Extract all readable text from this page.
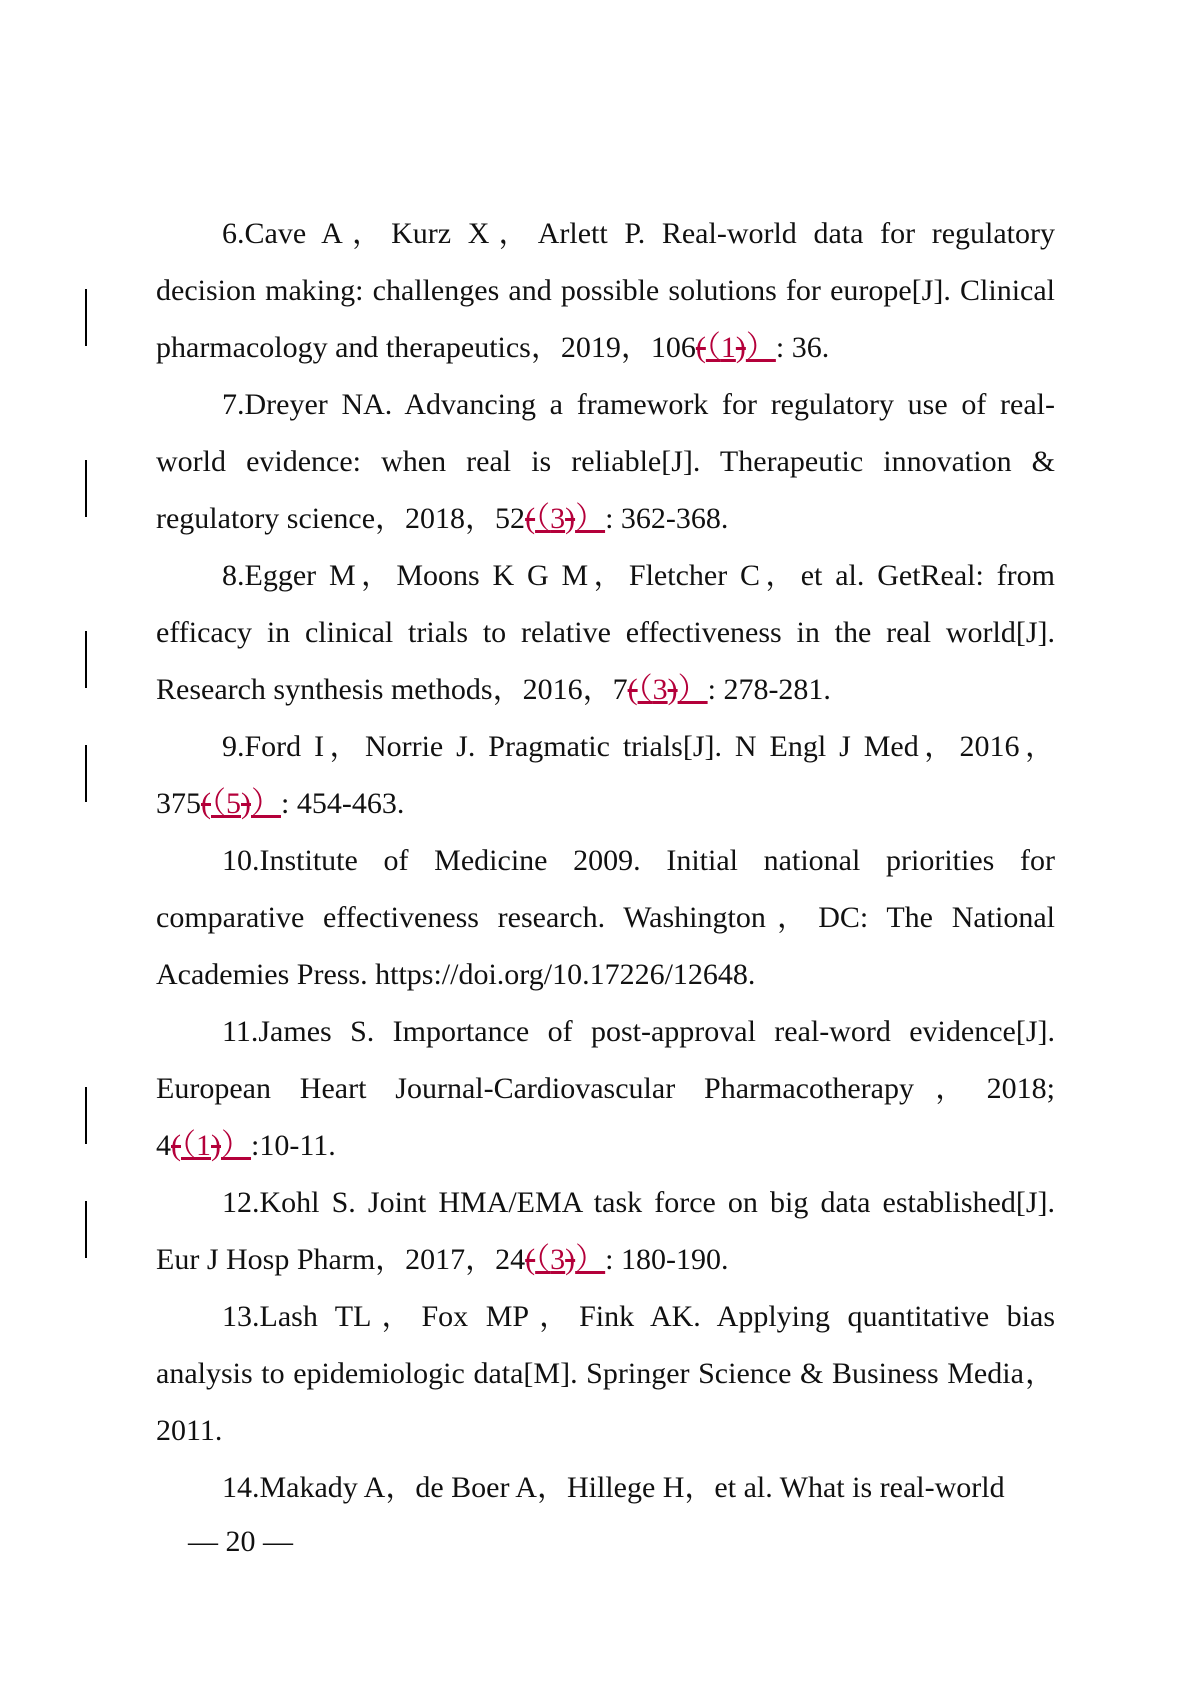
6.Cave A，Kurz X，Arlett P. Real-world data for regulatory decision making: challenges and possible solutions for europe[J]. Clinical pharmacology and therapeutics，2019，106(（1)）: 36.

7.Dreyer NA. Advancing a framework for regulatory use of real-world evidence: when real is reliable[J]. Therapeutic innovation & regulatory science，2018，52(（3)）: 362-368.

8.Egger M，Moons K G M，Fletcher C，et al. GetReal: from efficacy in clinical trials to relative effectiveness in the real world[J]. Research synthesis methods，2016，7(（3)）: 278-281.

9.Ford I，Norrie J. Pragmatic trials[J]. N Engl J Med，2016，375(（5)）: 454-463.

10.Institute of Medicine 2009. Initial national priorities for comparative effectiveness research. Washington，DC: The National Academies Press. https://doi.org/10.17226/12648.

11.James S. Importance of post-approval real-word evidence[J]. European Heart Journal-Cardiovascular Pharmacotherapy，2018; 4(（1)）:10-11.

12.Kohl S. Joint HMA/EMA task force on big data established[J]. Eur J Hosp Pharm，2017，24(（3)）: 180-190.

13.Lash TL，Fox MP，Fink AK. Applying quantitative bias analysis to epidemiologic data[M]. Springer Science & Business Media，2011.

14.Makady A，de Boer A，Hillege H，et al. What is real-world

— 20 —
